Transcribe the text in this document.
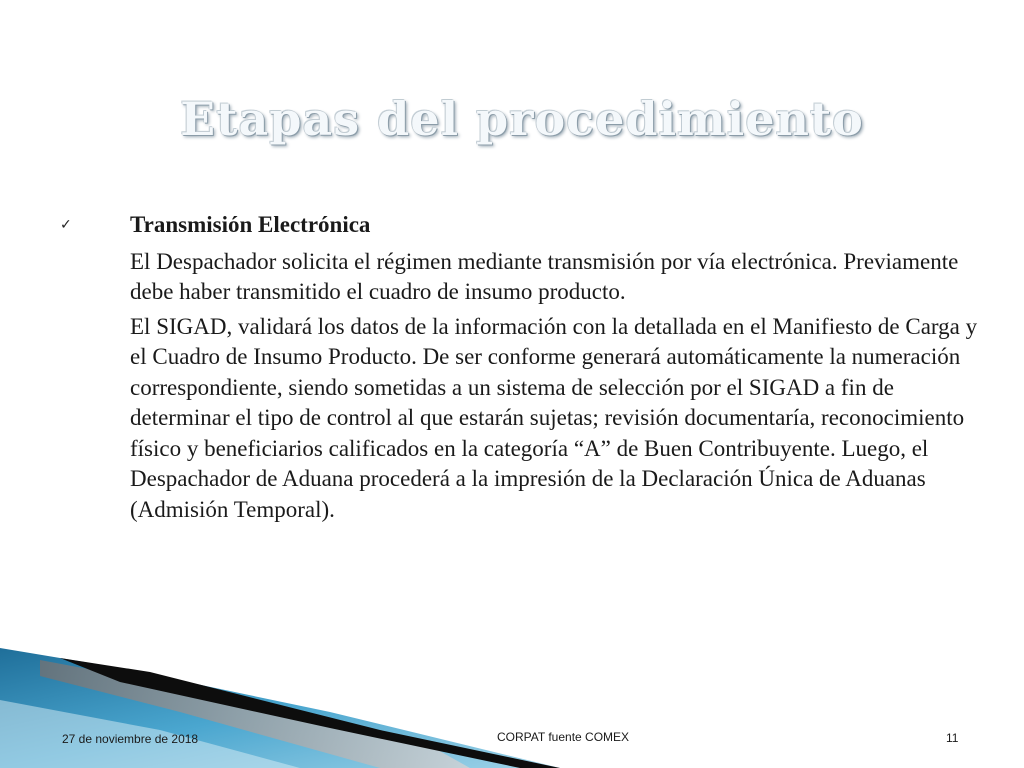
Etapas del procedimiento
✓	Transmisión Electrónica
El Despachador solicita el régimen mediante transmisión por vía electrónica. Previamente debe haber transmitido el cuadro de insumo producto.
El SIGAD, validará los datos de la información con la detallada en el Manifiesto de Carga y el Cuadro de Insumo Producto. De ser conforme generará automáticamente la numeración correspondiente, siendo sometidas a un sistema de selección por el SIGAD a fin de determinar el tipo de control al que estarán sujetas; revisión documentaría, reconocimiento físico y beneficiarios calificados en la categoría “A” de Buen Contribuyente. Luego, el Despachador de Aduana procederá a la impresión de la Declaración Única de Aduanas (Admisión Temporal).
27 de noviembre de 2018	CORPAT fuente COMEX	11
